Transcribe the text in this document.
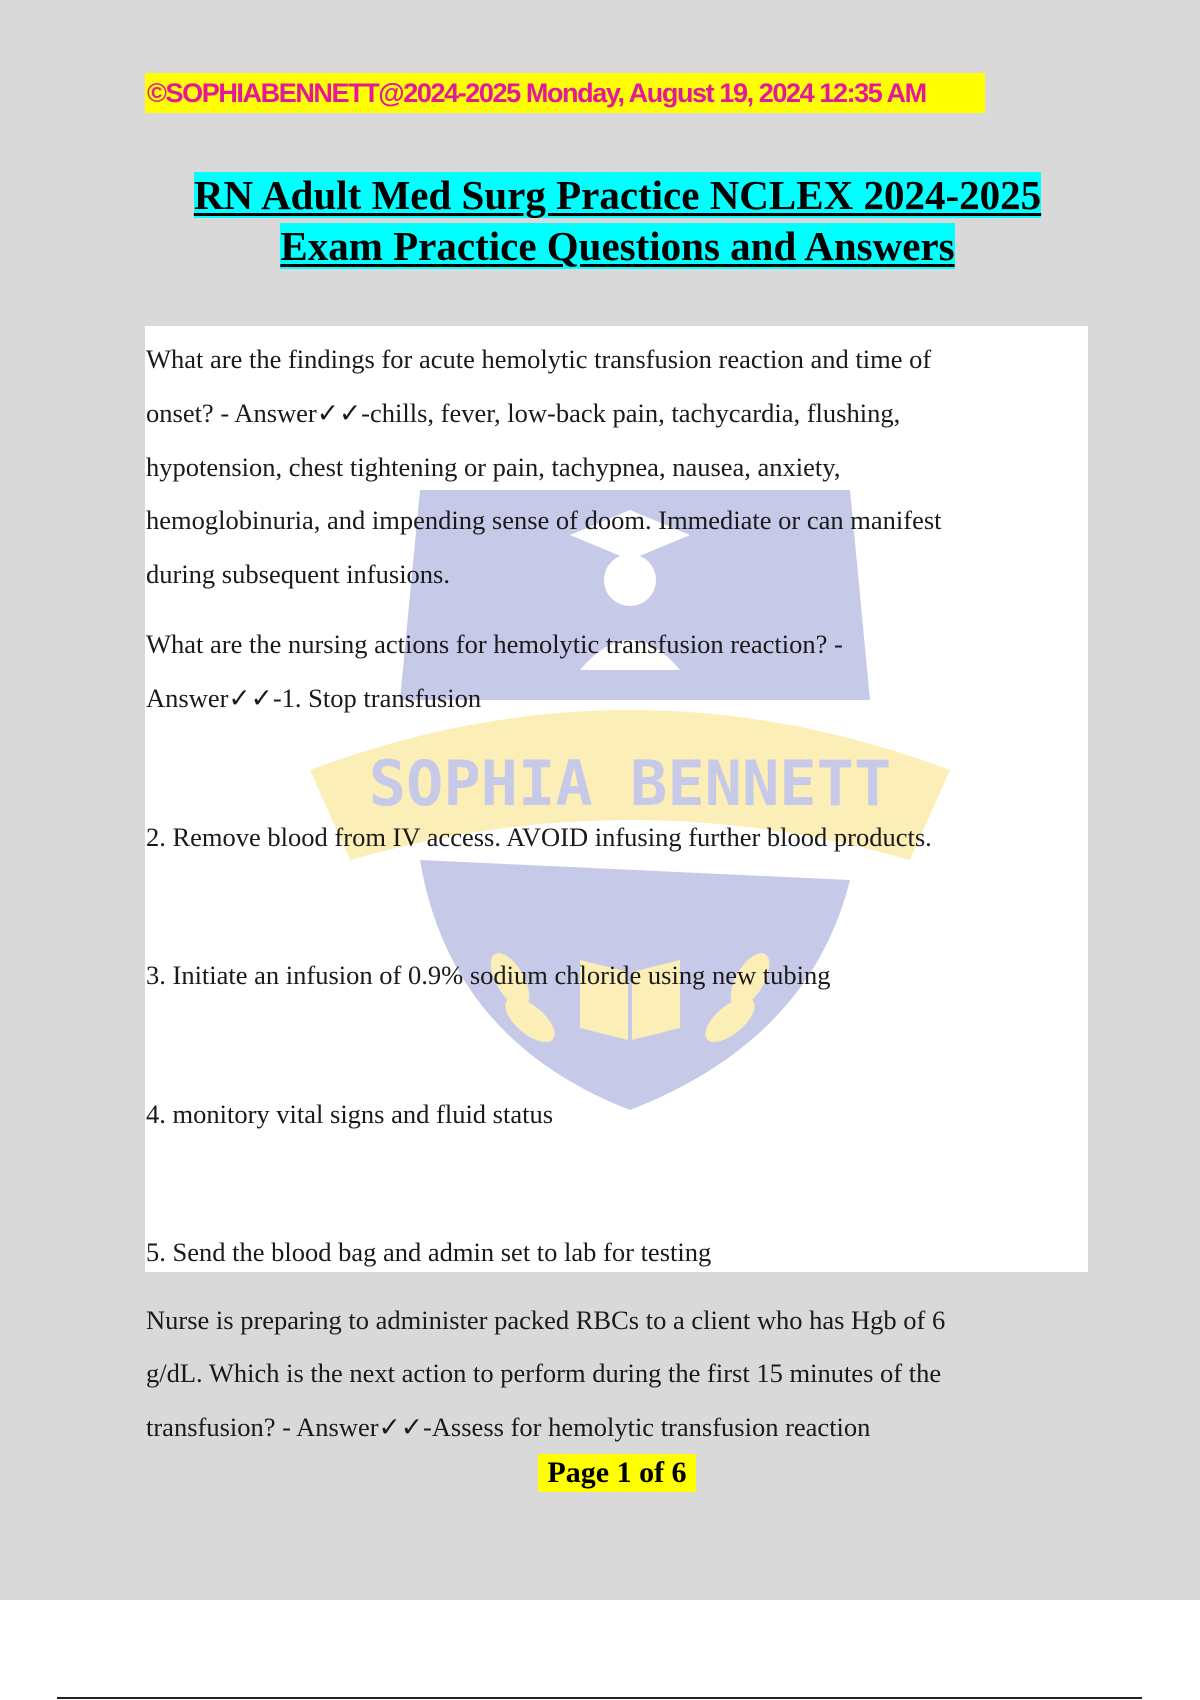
©SOPHIABENNETT@2024-2025 Monday, August 19, 2024 12:35 AM
RN Adult Med Surg Practice NCLEX 2024-2025
Exam Practice Questions and Answers
SOPHIA BENNETT
What are the findings for acute hemolytic transfusion reaction and time of
onset? - Answer✓✓-chills, fever, low-back pain, tachycardia, flushing,
hypotension, chest tightening or pain, tachypnea, nausea, anxiety,
hemoglobinuria, and impending sense of doom. Immediate or can manifest
during subsequent infusions.
What are the nursing actions for hemolytic transfusion reaction? -
Answer✓✓-1. Stop transfusion
2. Remove blood from IV access. AVOID infusing further blood products.
3. Initiate an infusion of 0.9% sodium chloride using new tubing
4. monitory vital signs and fluid status
5. Send the blood bag and admin set to lab for testing
Nurse is preparing to administer packed RBCs to a client who has Hgb of 6
g/dL. Which is the next action to perform during the first 15 minutes of the
transfusion? - Answer✓✓-Assess for hemolytic transfusion reaction
Page 1 of 6
